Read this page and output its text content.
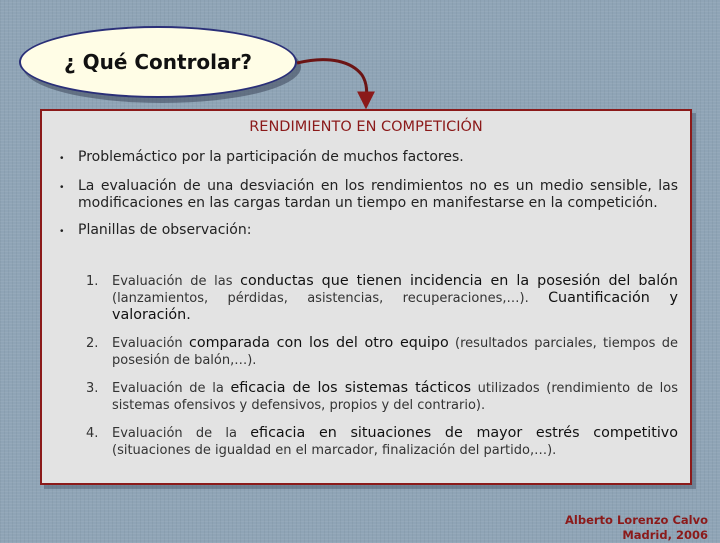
¿ Qué Controlar?
RENDIMIENTO EN COMPETICIÓN
•	Problemáctico por la participación de muchos factores.
•	La evaluación de una desviación en los rendimientos no es un medio sensible, las modificaciones en las cargas tardan un tiempo en manifestarse en la competición.
•	Planillas de observación:
1.	Evaluación de las conductas que tienen incidencia en la posesión del balón (lanzamientos, pérdidas, asistencias, recuperaciones,…). Cuantificación y valoración.
2.	Evaluación comparada con los del otro equipo (resultados parciales, tiempos de posesión de balón,…).
3.	Evaluación de la eficacia de los sistemas tácticos utilizados (rendimiento de los sistemas ofensivos y defensivos, propios y del contrario).
4.	Evaluación de la eficacia en situaciones de mayor estrés competitivo (situaciones de igualdad en el marcador, finalización del partido,…).
Alberto Lorenzo Calvo
Madrid, 2006
